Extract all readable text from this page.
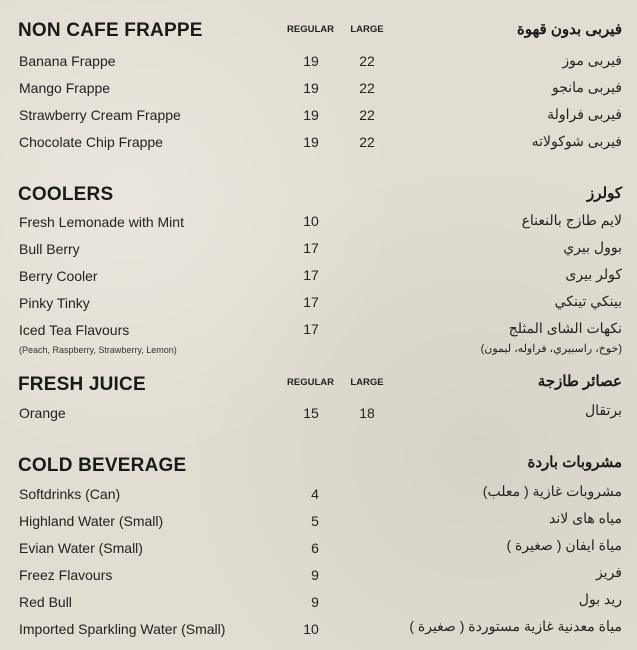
NON CAFE FRAPPE	REGULAR LARGE	فيربى بدون قهوة
Banana Frappe	19	22	فيربى موز
Mango Frappe	19	22	فيربى مانجو
Strawberry Cream Frappe	19	22	فيربى فراولة
Chocolate Chip Frappe	19	22	فيربى شوكولاته
COOLERS	كولرز
Fresh Lemonade with Mint	10	لايم طازج بالنعناع
Bull Berry	17	بوول بيري
Berry Cooler	17	كولر بيرى
Pinky Tinky	17	بينكي تينكي
Iced Tea Flavours	17	نكهات الشاى المثلج
(Peach, Raspberry, Strawberry, Lemon)	(خوخ، راسبيري، فراوله، ليمون)
FRESH JUICE	REGULAR LARGE	عصائر طازجة
Orange	15	18	برتقال
COLD BEVERAGE	مشروبات باردة
Softdrinks (Can)	4	مشروبات غازية ( معلب)
Highland Water (Small)	5	مياه هاى لاند
Evian Water (Small)	6	مياة ايفان ( صغيرة )
Freez Flavours	9	فريز
Red Bull	9	ريد بول
Imported Sparkling Water (Small)	10	مياة معدنية غازية مستوردة ( صغيرة )
